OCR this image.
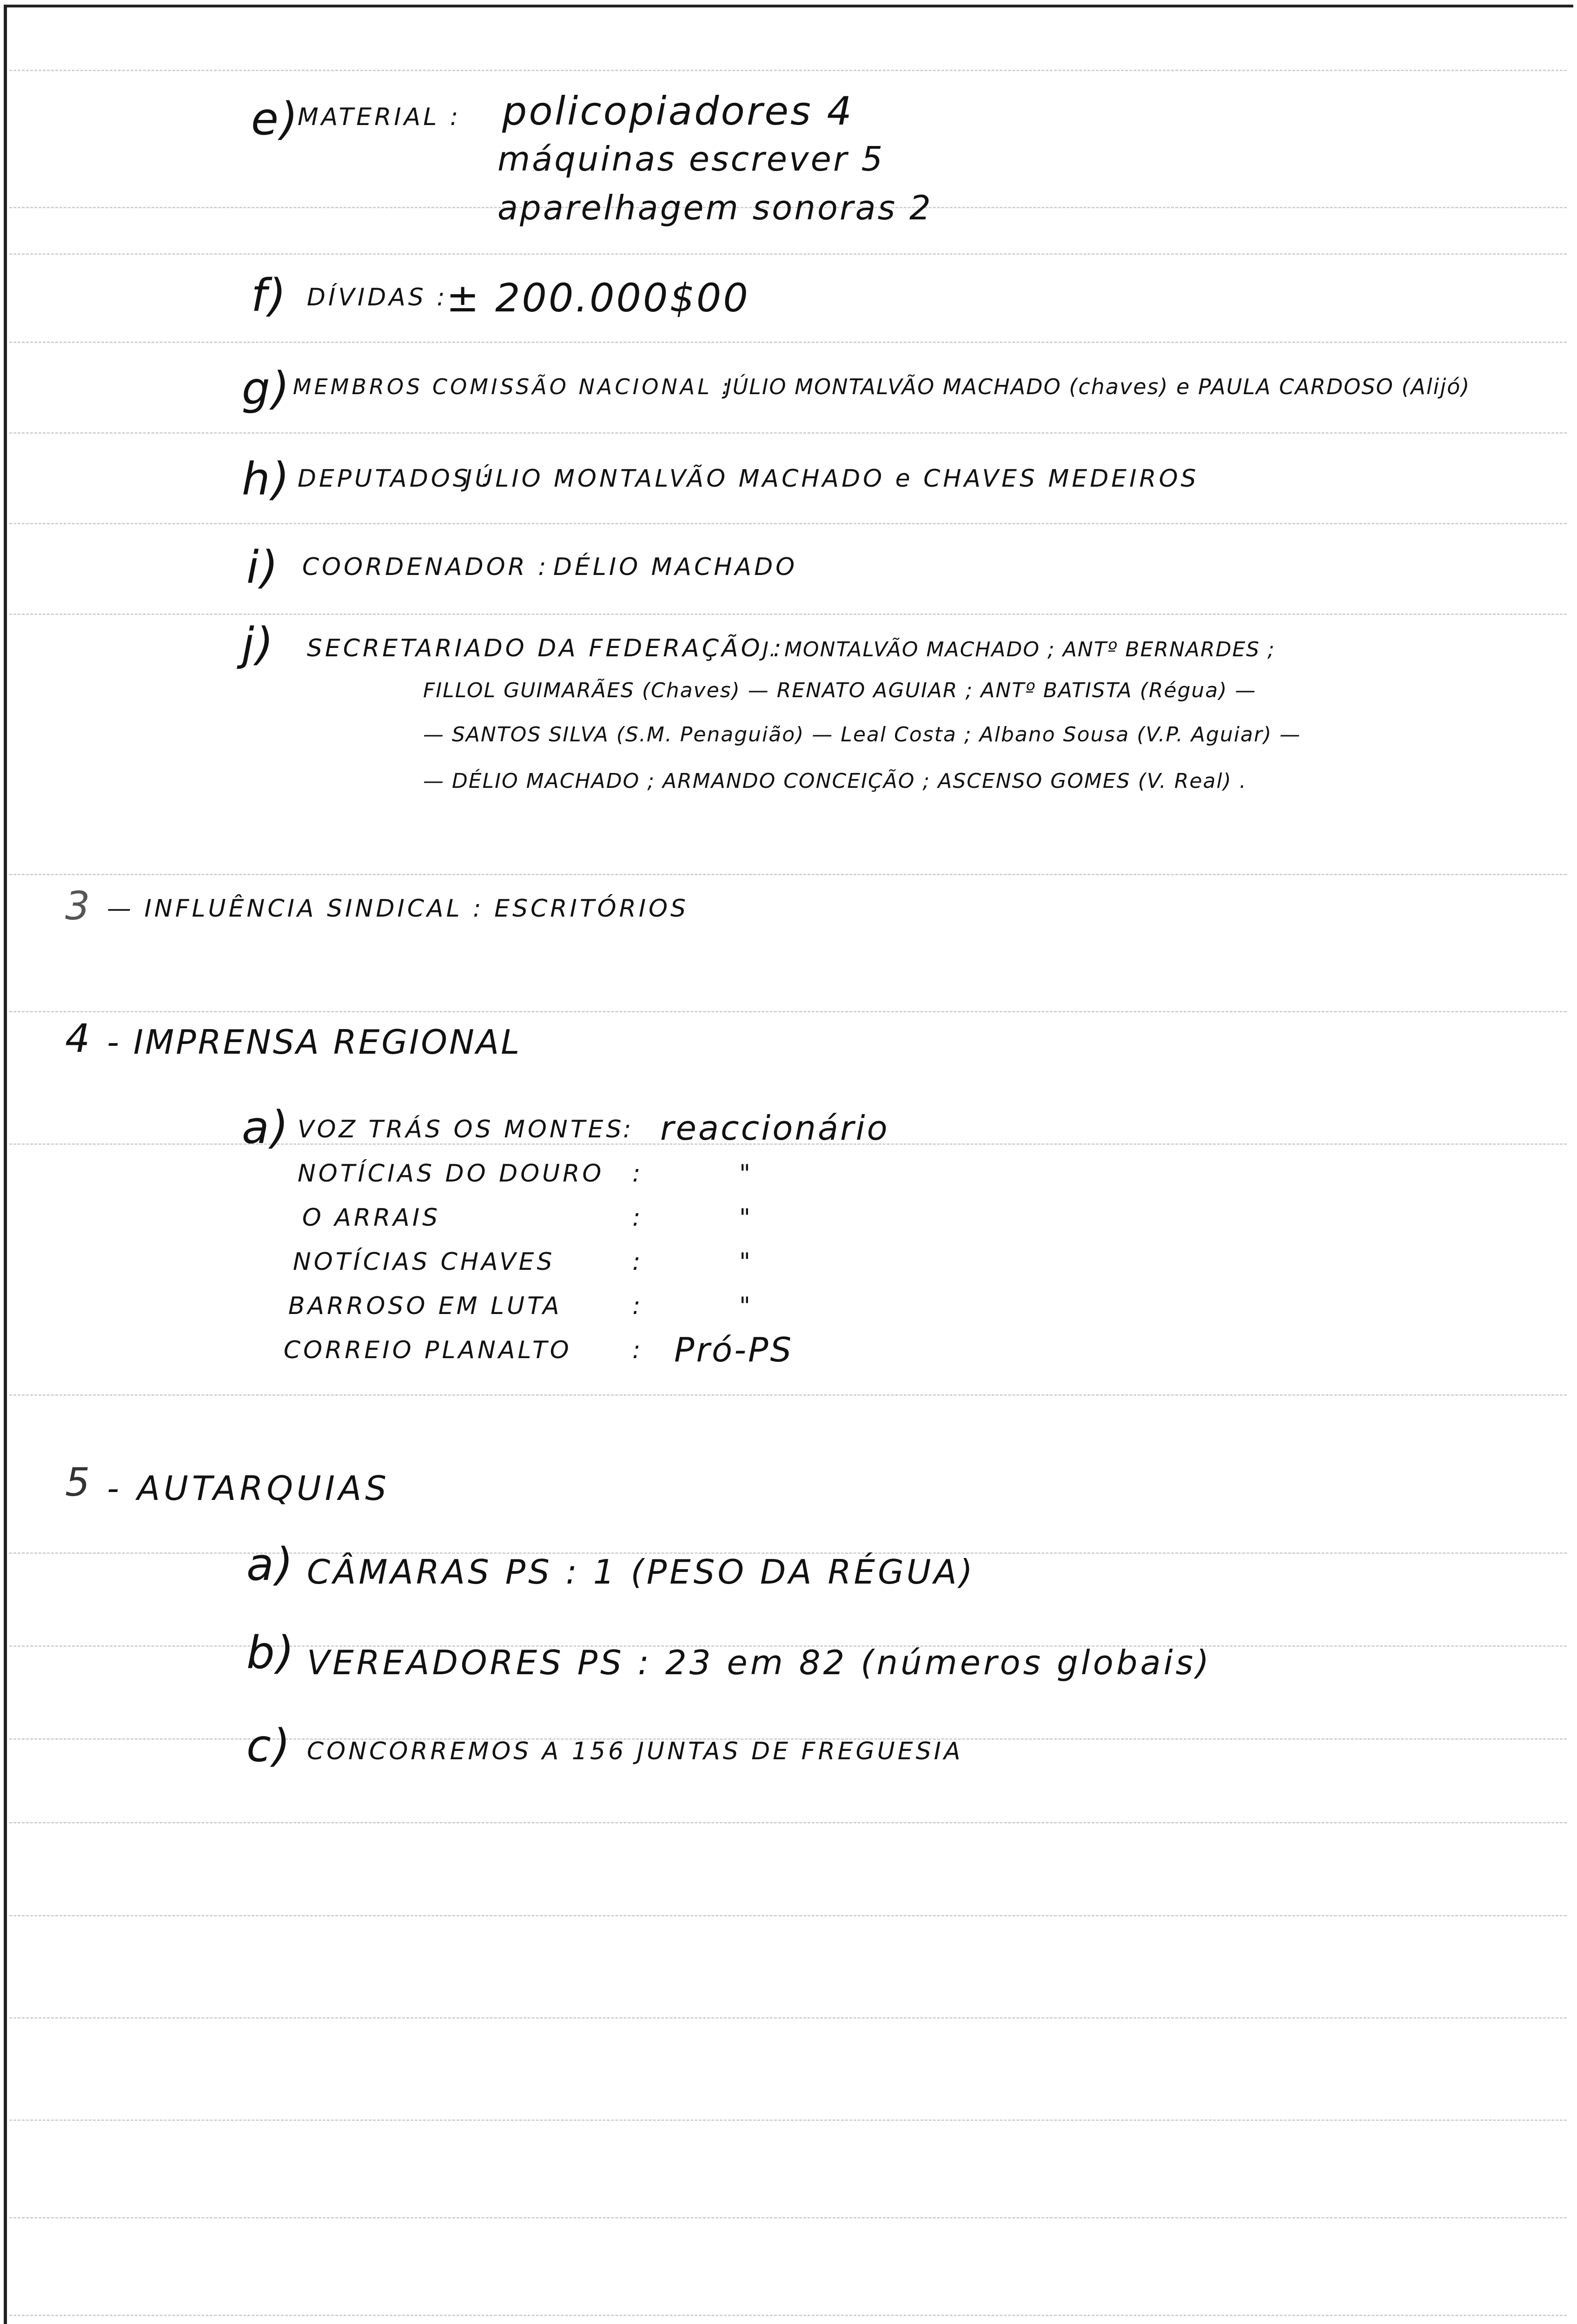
e)
MATERIAL : policopiadores 4
máquinas escrever 5
aparelhagem sonoras 2
f) DÍVIDAS :
± 200.000$00
g) MEMBROS COMISSÃO NACIONAL :
JÚLIO MONTALVÃO MACHADO (chaves) e PAULA CARDOSO (Alijó)
h) DEPUTADOS :
JÚLIO MONTALVÃO MACHADO e CHAVES MEDEIROS
i) COORDENADOR : DÉLIO MACHADO
j) SECRETARIADO DA FEDERAÇÃO :
J. MONTALVÃO MACHADO ; ANTº BERNARDES ;
FILLOL GUIMARÃES (Chaves) — RENATO AGUIAR ; ANTº BATISTA (Régua) —
— SANTOS SILVA (S.M. Penaguião) — Leal Costa ; Albano Sousa (V.P. Aguiar) —
— DÉLIO MACHADO ; ARMANDO CONCEIÇÃO ; ASCENSO GOMES (V. Real) .
3 — INFLUÊNCIA SINDICAL : ESCRITÓRIOS
4 - IMPRENSA REGIONAL
a) VOZ TRÁS OS MONTES
: reaccionário
NOTÍCIAS DO DOURO :	"
O ARRAIS	:	"
NOTÍCIAS CHAVES	:	"
BARROSO EM LUTA	:	"
CORREIO PLANALTO	: Pró-PS
5 - AUTARQUIAS
a) CÂMARAS PS : 1 (PESO DA RÉGUA)
b) VEREADORES PS : 23 em 82 (números globais)
c) CONCORREMOS A 156 JUNTAS DE FREGUESIA
